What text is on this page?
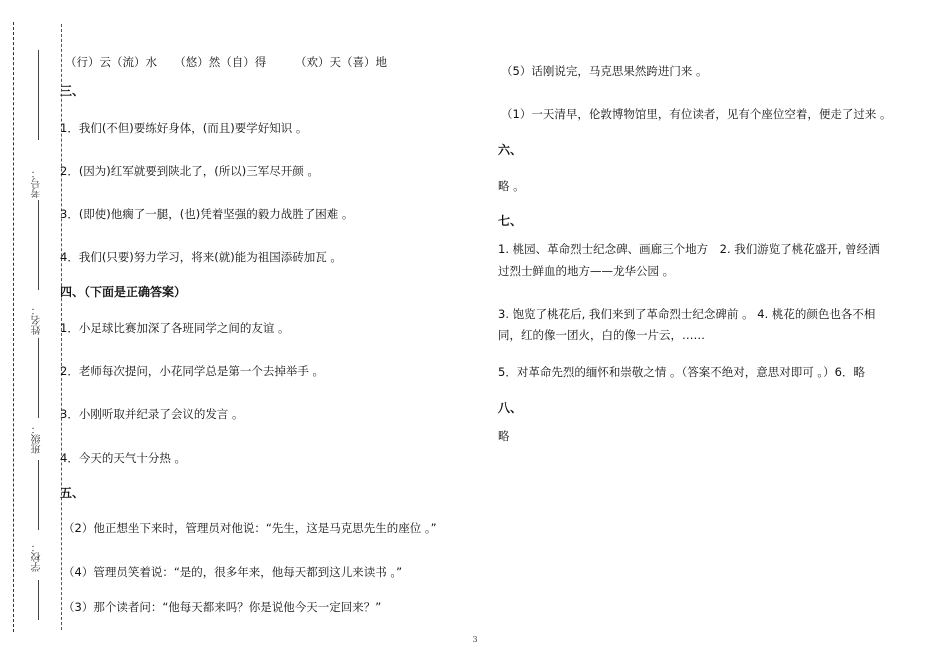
考号：
姓名：
班级：
学校：
（行）云（流）水　　（悠）然（自）得　　　（欢）天（喜）地
三、
1．我们(不但)要练好身体，(而且)要学好知识 。
2．(因为)红军就要到陕北了，(所以)三军尽开颜 。
3．(即使)他瘸了一腿，(也)凭着坚强的毅力战胜了困难 。
4．我们(只要)努力学习，将来(就)能为祖国添砖加瓦 。
四、（下面是正确答案）
1．小足球比赛加深了各班同学之间的友谊 。
2．老师每次提问，小花同学总是第一个去掉举手 。
3．小刚听取并纪录了会议的发言 。
4．今天的天气十分热 。
五、
（2）他正想坐下来时，管理员对他说：“先生，这是马克思先生的座位 。”
（4）管理员笑着说：“是的，很多年来，他每天都到这儿来读书 。”
（3）那个读者问：“他每天都来吗？你是说他今天一定回来？”
（5）话刚说完，马克思果然跨进门来 。
（1）一天清早，伦敦博物馆里，有位读者，见有个座位空着，便走了过来 。
六、
略 。
七、
1. 桃园、革命烈士纪念碑、画廊三个地方　2. 我们游览了桃花盛开, 曾经洒
过烈士鲜血的地方——龙华公园 。
3. 饱览了桃花后, 我们来到了革命烈士纪念碑前 。 4. 桃花的颜色也各不相
同，红的像一团火，白的像一片云，……
5．对革命先烈的缅怀和崇敬之情 。（答案不绝对，意思对即可 。）6．略
八、
略
3
